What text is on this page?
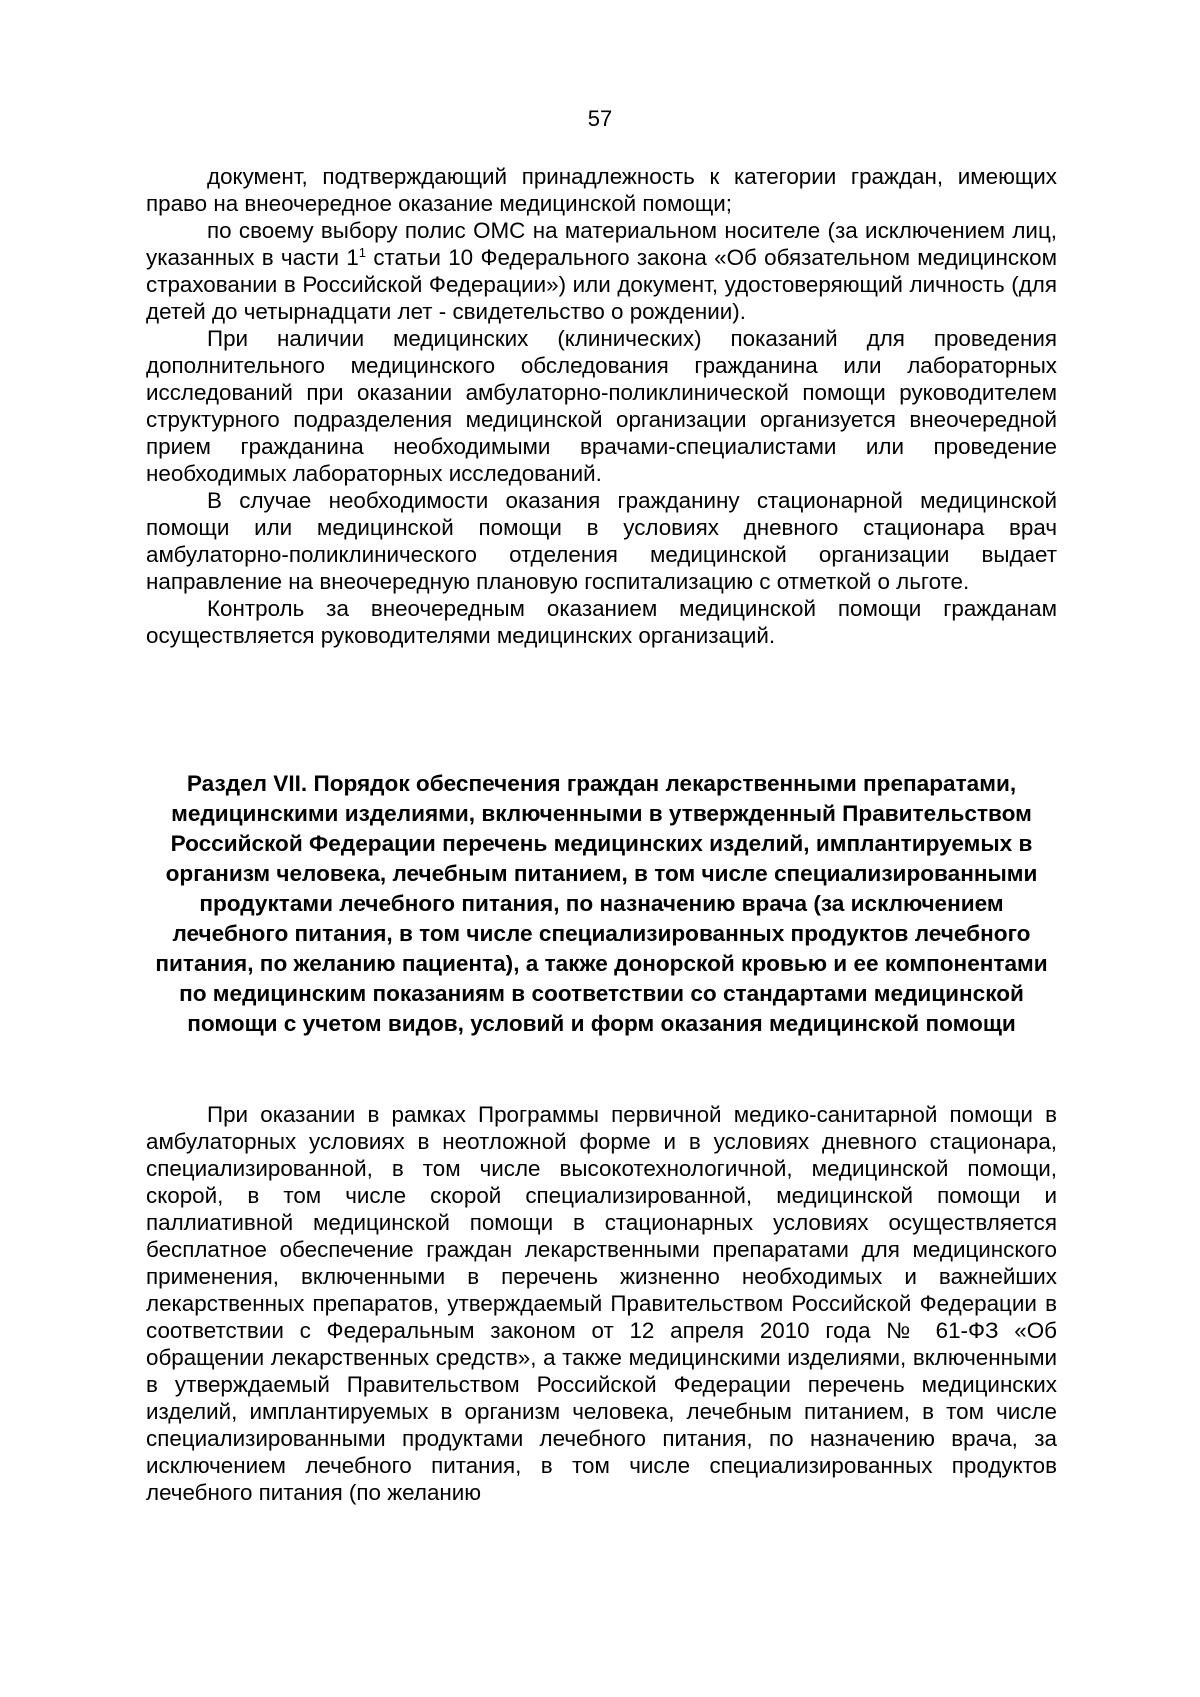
57

документ, подтверждающий принадлежность к категории граждан, имеющих право на внеочередное оказание медицинской помощи;

по своему выбору полис ОМС на материальном носителе (за исключением лиц, указанных в части $1^1$ статьи 10 Федерального закона «Об обязательном медицинском страховании в Российской Федерации») или документ, удостоверяющий личность (для детей до четырнадцати лет - свидетельство о рождении).

При наличии медицинских (клинических) показаний для проведения дополнительного медицинского обследования гражданина или лабораторных исследований при оказании амбулаторно-поликлинической помощи руководителем структурного подразделения медицинской организации организуется внеочередной прием гражданина необходимыми врачами-специалистами или проведение необходимых лабораторных исследований.

В случае необходимости оказания гражданину стационарной медицинской помощи или медицинской помощи в условиях дневного стационара врач амбулаторно-поликлинического отделения медицинской организации выдает направление на внеочередную плановую госпитализацию с отметкой о льготе.

Контроль за внеочередным оказанием медицинской помощи гражданам осуществляется руководителями медицинских организаций.

Раздел VII. Порядок обеспечения граждан лекарственными препаратами, медицинскими изделиями, включенными в утвержденный Правительством Российской Федерации перечень медицинских изделий, имплантируемых в организм человека, лечебным питанием, в том числе специализированными продуктами лечебного питания, по назначению врача (за исключением лечебного питания, в том числе специализированных продуктов лечебного питания, по желанию пациента), а также донорской кровью и ее компонентами по медицинским показаниям в соответствии со стандартами медицинской помощи с учетом видов, условий и форм оказания медицинской помощи

При оказании в рамках Программы первичной медико-санитарной помощи в амбулаторных условиях в неотложной форме и в условиях дневного стационара, специализированной, в том числе высокотехнологичной, медицинской помощи, скорой, в том числе скорой специализированной, медицинской помощи и паллиативной медицинской помощи в стационарных условиях осуществляется бесплатное обеспечение граждан лекарственными препаратами для медицинского применения, включенными в перечень жизненно необходимых и важнейших лекарственных препаратов, утверждаемый Правительством Российской Федерации в соответствии с Федеральным законом от 12 апреля 2010 года № 61-ФЗ «Об обращении лекарственных средств», а также медицинскими изделиями, включенными в утверждаемый Правительством Российской Федерации перечень медицинских изделий, имплантируемых в организм человека, лечебным питанием, в том числе специализированными продуктами лечебного питания, по назначению врача, за исключением лечебного питания, в том числе специализированных продуктов лечебного питания (по желанию
